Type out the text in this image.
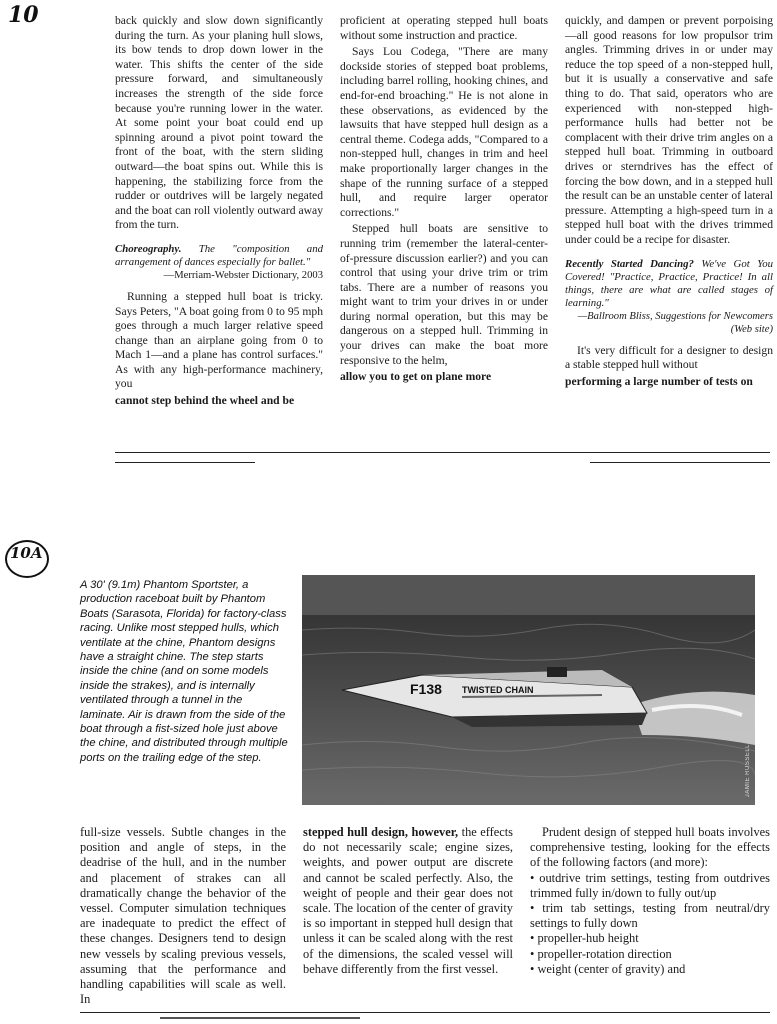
10
10A

back quickly and slow down significantly during the turn. As your planing hull slows, its bow tends to drop down lower in the water. This shifts the center of the side pressure forward, and simultaneously increases the strength of the side force because you're running lower in the water. At some point your boat could end up spinning around a pivot point toward the front of the boat, with the stern sliding outward—the boat spins out. While this is happening, the stabilizing force from the rudder or outdrives will be largely negated and the boat can roll violently outward away from the turn.

Choreography. The "composition and arrangement of dances especially for ballet."
—Merriam-Webster Dictionary, 2003

Running a stepped hull boat is tricky. Says Peters, "A boat going from 0 to 95 mph goes through a much larger relative speed change than an airplane going from 0 to Mach 1—and a plane has control surfaces." As with any high-performance machinery, you

cannot step behind the wheel and be

proficient at operating stepped hull boats without some instruction and practice.

Says Lou Codega, "There are many dockside stories of stepped boat problems, including barrel rolling, hooking chines, and end-for-end broaching." He is not alone in these observations, as evidenced by the lawsuits that have stepped hull design as a central theme. Codega adds, "Compared to a non-stepped hull, changes in trim and heel make proportionally larger changes in the shape of the running surface of a stepped hull, and require larger operator corrections."

Stepped hull boats are sensitive to running trim (remember the lateral-center-of-pressure discussion earlier?) and you can control that using your drive trim or trim tabs. There are a number of reasons you might want to trim your drives in or under during normal operation, but this may be dangerous on a stepped hull. Trimming in your drives can make the boat more responsive to the helm,

allow you to get on plane more

quickly, and dampen or prevent porpoising—all good reasons for low propulsor trim angles. Trimming drives in or under may reduce the top speed of a non-stepped hull, but it is usually a conservative and safe thing to do. That said, operators who are experienced with non-stepped high-performance hulls had better not be complacent with their drive trim angles on a stepped hull boat. Trimming in outboard drives or sterndrives has the effect of forcing the bow down, and in a stepped hull the result can be an unstable center of lateral pressure. Attempting a high-speed turn in a stepped hull boat with the drives trimmed under could be a recipe for disaster.

Recently Started Dancing? We've Got You Covered! "Practice, Practice, Practice! In all things, there are what are called stages of learning."
—Ballroom Bliss, Suggestions for Newcomers (Web site)

It's very difficult for a designer to design a stable stepped hull without

performing a large number of tests on

A 30' (9.1m) Phantom Sportster, a production raceboat built by Phantom Boats (Sarasota, Florida) for factory-class racing. Unlike most stepped hulls, which ventilate at the chine, Phantom designs have a straight chine. The step starts inside the chine (and on some models inside the strakes), and is internally ventilated through a tunnel in the laminate. Air is drawn from the side of the boat through a fist-sized hole just above the chine, and distributed through multiple ports on the trailing edge of the step.
F138 TWISTED CHAIN
JAMIE RUSSELL

full-size vessels. Subtle changes in the position and angle of steps, in the deadrise of the hull, and in the number and placement of strakes can all dramatically change the behavior of the vessel. Computer simulation techniques are inadequate to predict the effect of these changes. Designers tend to design new vessels by scaling previous vessels, assuming that the performance and handling capabilities will scale as well. In

stepped hull design, however, the effects do not necessarily scale; engine sizes, weights, and power output are discrete and cannot be scaled perfectly. Also, the weight of people and their gear does not scale. The location of the center of gravity is so important in stepped hull design that unless it can be scaled along with the rest of the dimensions, the scaled vessel will behave differently from the first vessel.

Prudent design of stepped hull boats involves comprehensive testing, looking for the effects of the following factors (and more):

• outdrive trim settings, testing from outdrives trimmed fully in/down to fully out/up
• trim tab settings, testing from neutral/dry settings to fully down
• propeller-hub height
• propeller-rotation direction
• weight (center of gravity) and
